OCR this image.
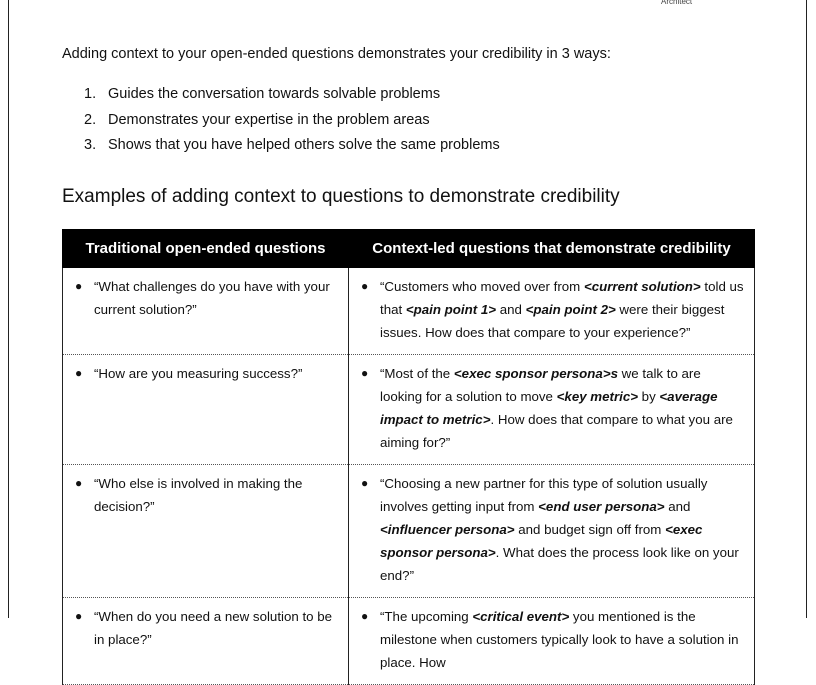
Architect
Adding context to your open-ended questions demonstrates your credibility in 3 ways:
1. Guides the conversation towards solvable problems
2. Demonstrates your expertise in the problem areas
3. Shows that you have helped others solve the same problems
Examples of adding context to questions to demonstrate credibility
Traditional open-ended questions	Context-led questions that demonstrate credibility

● “What challenges do you have with your current solution?”	● “Customers who moved over from <current solution> told us that <pain point 1> and <pain point 2> were their biggest issues. How does that compare to your experience?”

● “How are you measuring success?”	● “Most of the <exec sponsor persona>s we talk to are looking for a solution to move <key metric> by <average impact to metric>. How does that compare to what you are aiming for?”

● “Who else is involved in making the decision?”	● “Choosing a new partner for this type of solution usually involves getting input from <end user persona> and <influencer persona> and budget sign off from <exec sponsor persona>. What does the process look like on your end?”

● “When do you need a new solution to be in place?”	● “The upcoming <critical event> you mentioned is the milestone when customers typically look to have a solution in place. How
